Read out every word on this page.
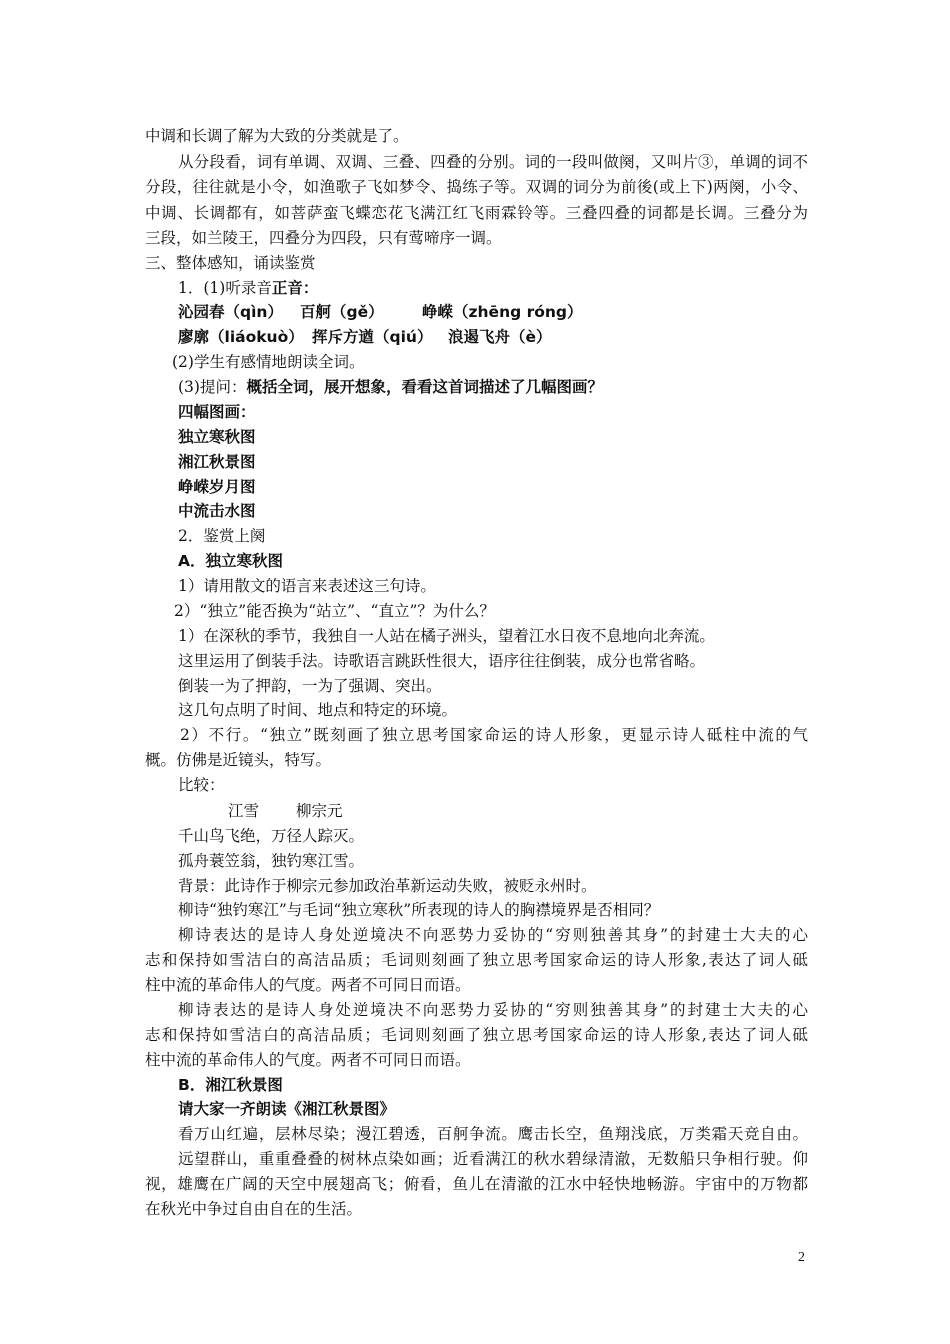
中调和长调了解为大致的分类就是了。
从分段看，词有单调、双调、三叠、四叠的分别。词的一段叫做阕，又叫片③，单调的词不
分段，往往就是小令，如渔歌子飞如梦令、捣练子等。双调的词分为前後(或上下)两阕，小令、
中调、长调都有，如菩萨蛮飞蝶恋花飞满江红飞雨霖铃等。三叠四叠的词都是长调。三叠分为
三段，如兰陵王，四叠分为四段，只有莺啼序一调。
三、整体感知，诵读鉴赏
1．(1)听录音正音：
沁园春（qìn） 百舸（gě） 峥嵘（zhēng róng）
廖廓（liáokuò） 挥斥方遒（qiú） 浪遏飞舟（è）
(2)学生有感情地朗读全词。
(3)提问：概括全词，展开想象，看看这首词描述了几幅图画？
四幅图画：
独立寒秋图
湘江秋景图
峥嵘岁月图
中流击水图
2．鉴赏上阕
A．独立寒秋图
1）请用散文的语言来表述这三句诗。
2）“独立”能否换为“站立”、“直立”？为什么？
1）在深秋的季节，我独自一人站在橘子洲头，望着江水日夜不息地向北奔流。
这里运用了倒装手法。诗歌语言跳跃性很大，语序往往倒装，成分也常省略。
倒装一为了押韵，一为了强调、突出。
这几句点明了时间、地点和特定的环境。
2）不行。“独立”既刻画了独立思考国家命运的诗人形象，更显示诗人砥柱中流的气
概。仿佛是近镜头，特写。
比较：
江雪 柳宗元
千山鸟飞绝，万径人踪灭。
孤舟蓑笠翁，独钓寒江雪。
背景：此诗作于柳宗元参加政治革新运动失败，被贬永州时。
柳诗“独钓寒江”与毛词“独立寒秋”所表现的诗人的胸襟境界是否相同？
柳诗表达的是诗人身处逆境决不向恶势力妥协的“穷则独善其身”的封建士大夫的心
志和保持如雪洁白的高洁品质；毛词则刻画了独立思考国家命运的诗人形象,表达了词人砥
柱中流的革命伟人的气度。两者不可同日而语。
柳诗表达的是诗人身处逆境决不向恶势力妥协的“穷则独善其身”的封建士大夫的心
志和保持如雪洁白的高洁品质；毛词则刻画了独立思考国家命运的诗人形象,表达了词人砥
柱中流的革命伟人的气度。两者不可同日而语。
B．湘江秋景图
请大家一齐朗读《湘江秋景图》
看万山红遍，层林尽染；漫江碧透，百舸争流。鹰击长空，鱼翔浅底，万类霜天竞自由。
远望群山，重重叠叠的树林点染如画；近看满江的秋水碧绿清澈，无数船只争相行驶。仰
视，雄鹰在广阔的天空中展翅高飞；俯看，鱼儿在清澈的江水中轻快地畅游。宇宙中的万物都
在秋光中争过自由自在的生活。
2
